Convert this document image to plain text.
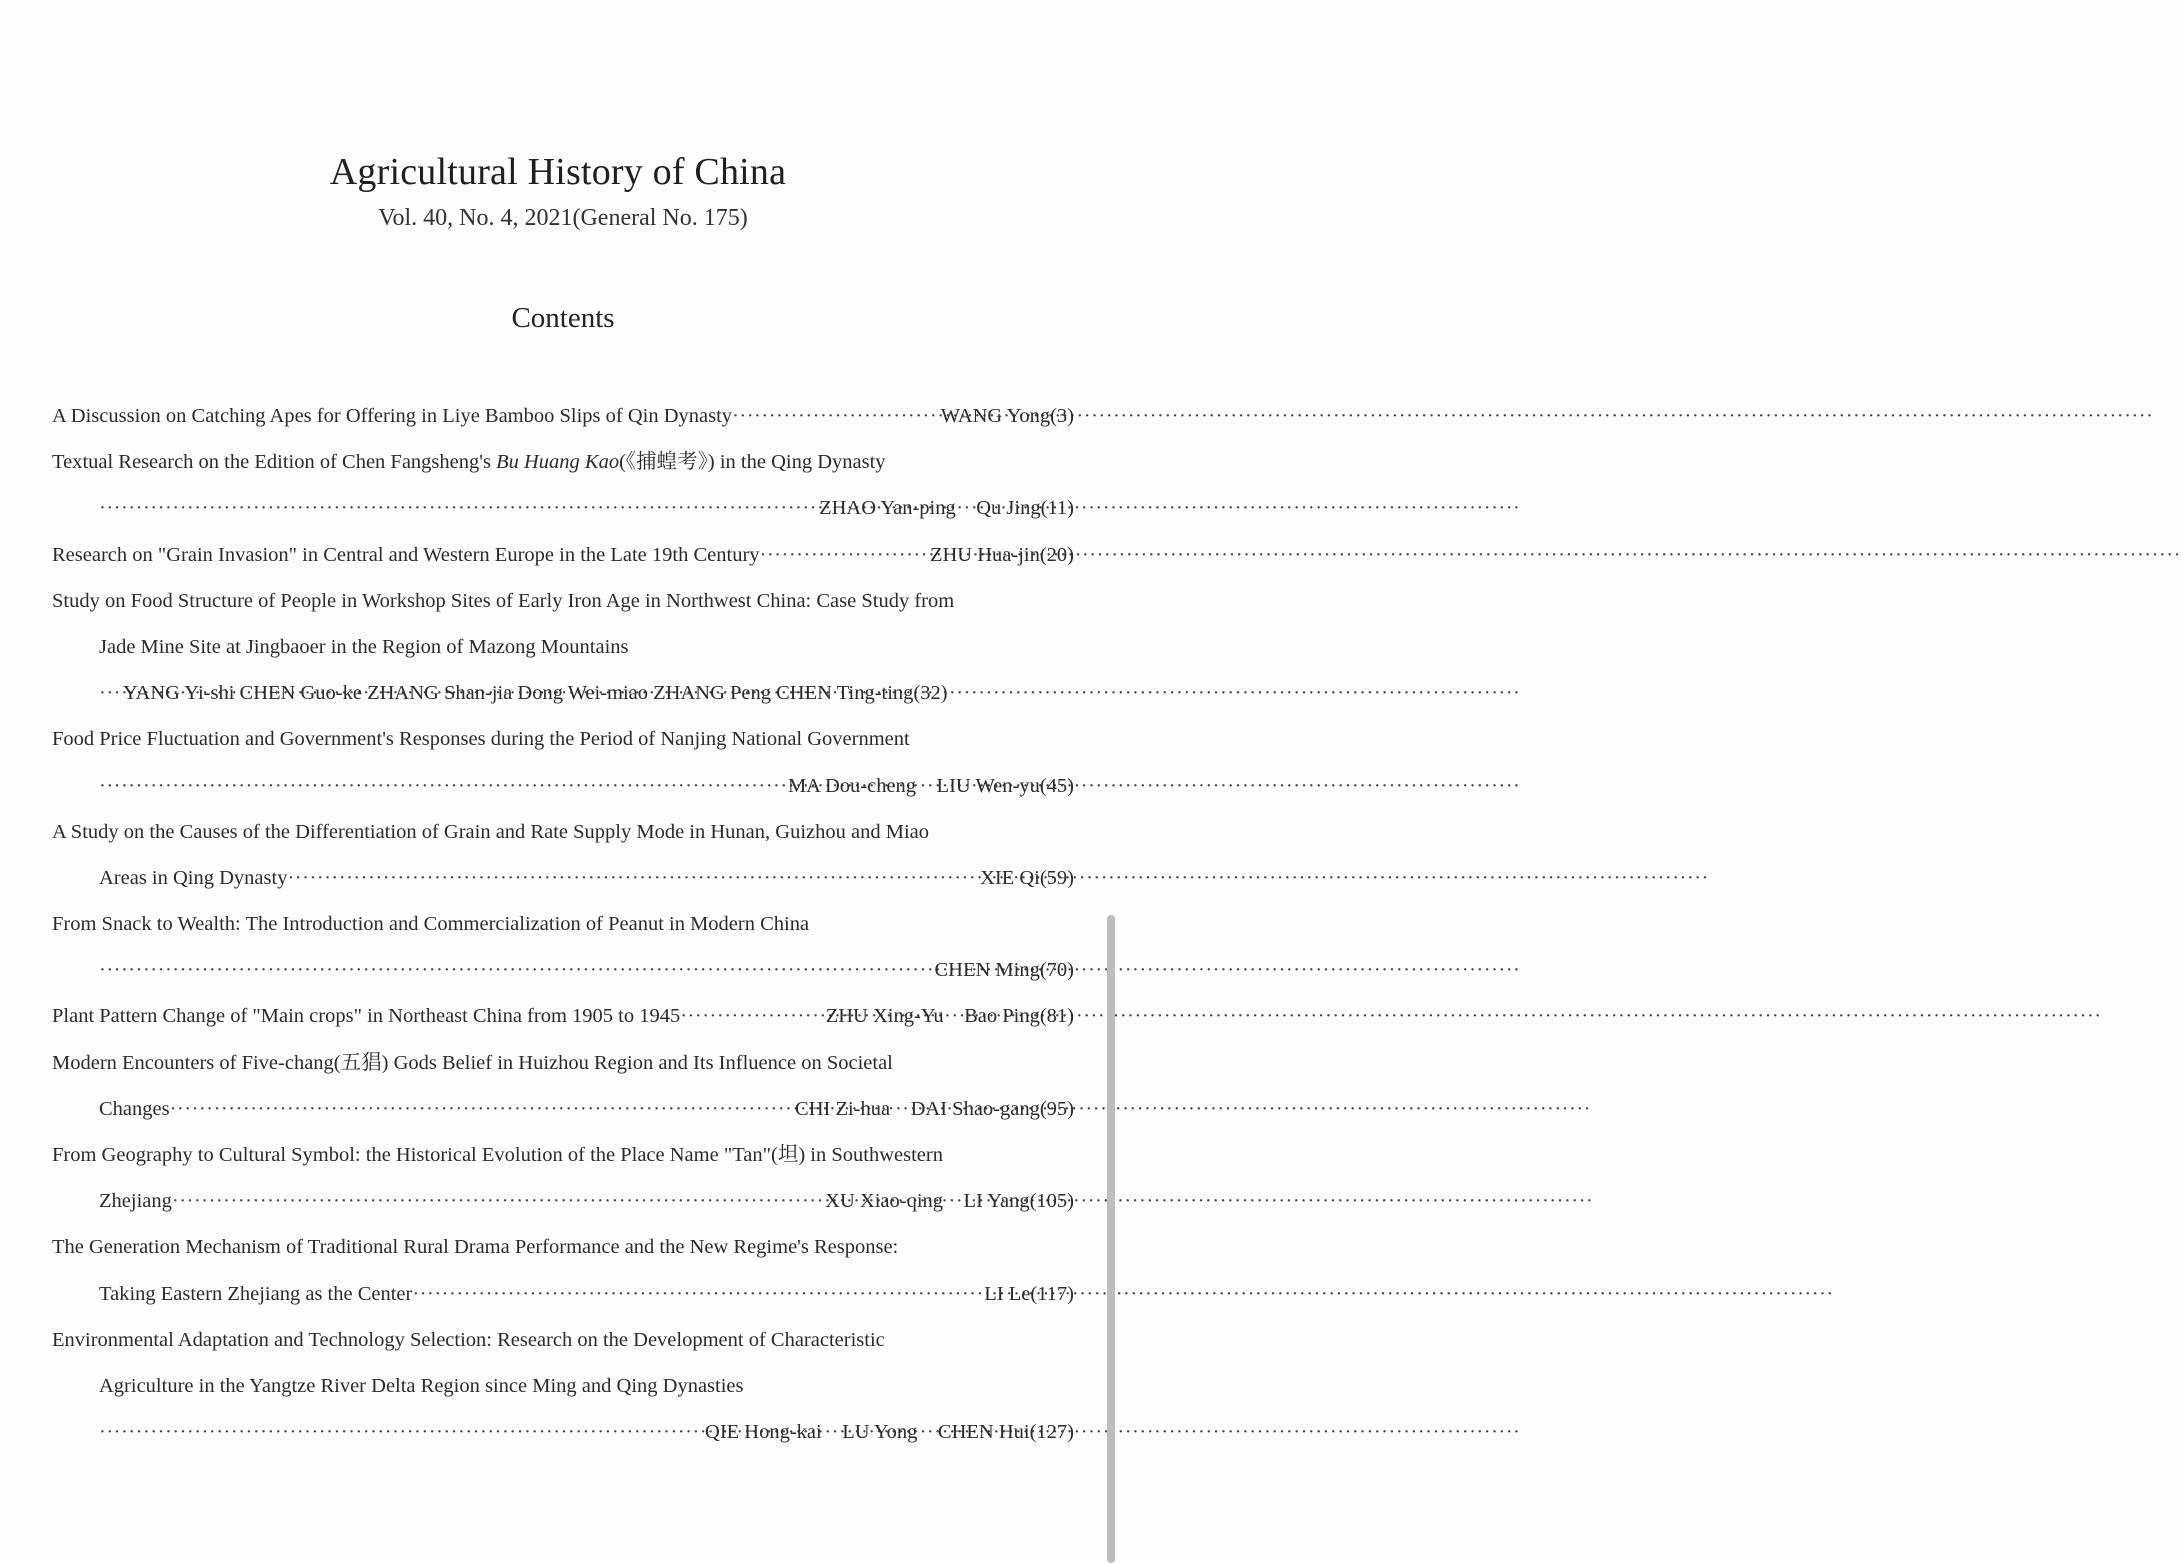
Agricultural History of China
Vol. 40, No. 4, 2021(General No. 175)
Contents
A Discussion on Catching Apes for Offering in Liye Bamboo Slips of Qin Dynasty ·····	WANG Yong (3)
Textual Research on the Edition of Chen Fangsheng's Bu Huang Kao(《捕蝗考》) in the Qing Dynasty
·····
ZHAO Yan-ping    Qu Jing (11)
Research on "Grain Invasion" in Central and Western Europe in the Late 19th Century ·····	ZHU Hua-jin (20)
Study on Food Structure of People in Workshop Sites of Early Iron Age in Northwest China: Case Study from
Jade Mine Site at Jingbaoer in the Region of Mazong Mountains
·····
YANG Yi-shi CHEN Guo-ke ZHANG Shan-jia Dong Wei-miao ZHANG Peng CHEN Ting-ting (32)
Food Price Fluctuation and Government's Responses during the Period of Nanjing National Government
·····
MA Dou-cheng    LIU Wen-yu (45)
A Study on the Causes of the Differentiation of Grain and Rate Supply Mode in Hunan, Guizhou and Miao
Areas in Qing Dynasty ·····	XIE Qi (59)
From Snack to Wealth: The Introduction and Commercialization of Peanut in Modern China
·····
CHEN Ming (70)
Plant Pattern Change of "Main crops" in Northeast China from 1905 to 1945 ·····	ZHU Xing-Yu    Bao Ping (81)
Modern Encounters of Five-chang(五猖) Gods Belief in Huizhou Region and Its Influence on Societal
Changes ·····	CHI Zi-hua    DAI Shao-gang (95)
From Geography to Cultural Symbol: the Historical Evolution of the Place Name "Tan"(坦) in Southwestern
Zhejiang ·····	XU Xiao-qing    LI Yang (105)
The Generation Mechanism of Traditional Rural Drama Performance and the New Regime's Response:
Taking Eastern Zhejiang as the Center ·····	LI Le (117)
Environmental Adaptation and Technology Selection: Research on the Development of Characteristic
Agriculture in the Yangtze River Delta Region since Ming and Qing Dynasties
·····
QIE Hong-kai    LU Yong    CHEN Hui (127)
